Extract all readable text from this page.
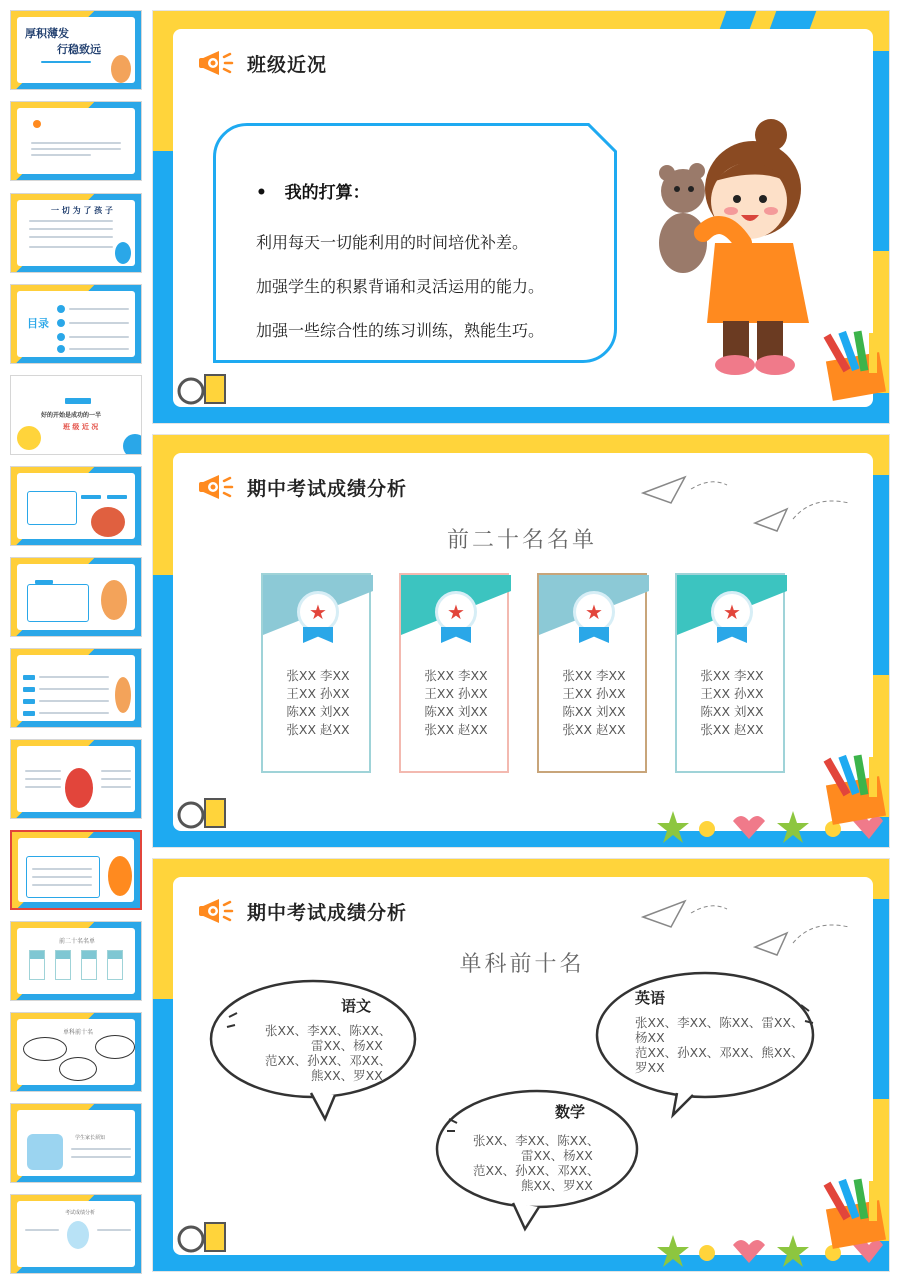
厚积薄发
行稳致远
一 切 为 了 孩 子
目录
好的开始是成功的一半
班 级 近 况
前二十名名单
单科前十名
学生家长须知
考试成绩分析
班级近况
•   我的打算：
利用每天一切能利用的时间培优补差。
加强学生的积累背诵和灵活运用的能力。
加强一些综合性的练习训练，熟能生巧。
期中考试成绩分析
前二十名名单
★
张XX 李XX
王XX 孙XX
陈XX 刘XX
张XX 赵XX
★
张XX 李XX
王XX 孙XX
陈XX 刘XX
张XX 赵XX
★
张XX 李XX
王XX 孙XX
陈XX 刘XX
张XX 赵XX
★
张XX 李XX
王XX 孙XX
陈XX 刘XX
张XX 赵XX
期中考试成绩分析
单科前十名
语文
张XX、李XX、陈XX、
雷XX、杨XX
范XX、孙XX、邓XX、
熊XX、罗XX
英语
张XX、李XX、陈XX、雷XX、
杨XX
范XX、孙XX、邓XX、熊XX、
罗XX
数学
张XX、李XX、陈XX、
雷XX、杨XX
范XX、孙XX、邓XX、
熊XX、罗XX
